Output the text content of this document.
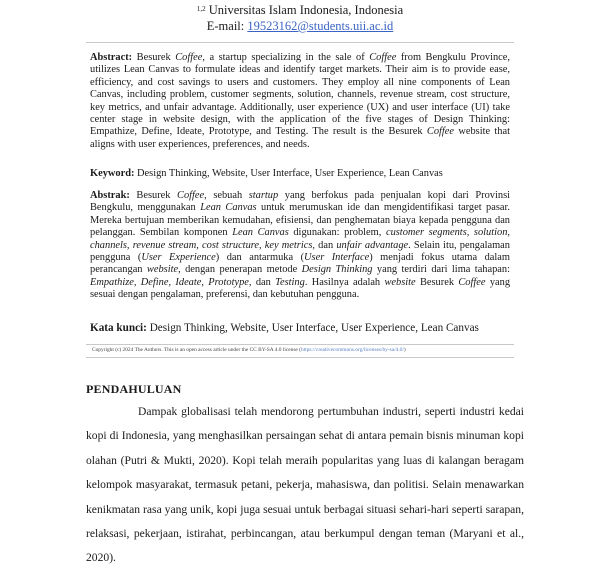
$^{1,2}$ Universitas Islam Indonesia, Indonesia
E-mail: 19523162@students.uii.ac.id
Abstract: Besurek Coffee, a startup specializing in the sale of Coffee from Bengkulu Province, utilizes Lean Canvas to formulate ideas and identify target markets. Their aim is to provide ease, efficiency, and cost savings to users and customers. They employ all nine components of Lean Canvas, including problem, customer segments, solution, channels, revenue stream, cost structure, key metrics, and unfair advantage. Additionally, user experience (UX) and user interface (UI) take center stage in website design, with the application of the five stages of Design Thinking: Empathize, Define, Ideate, Prototype, and Testing. The result is the Besurek Coffee website that aligns with user experiences, preferences, and needs.
Keyword: Design Thinking, Website, User Interface, User Experience, Lean Canvas
Abstrak: Besurek Coffee, sebuah startup yang berfokus pada penjualan kopi dari Provinsi Bengkulu, menggunakan Lean Canvas untuk merumuskan ide dan mengidentifikasi target pasar. Mereka bertujuan memberikan kemudahan, efisiensi, dan penghematan biaya kepada pengguna dan pelanggan. Sembilan komponen Lean Canvas digunakan: problem, customer segments, solution, channels, revenue stream, cost structure, key metrics, dan unfair advantage. Selain itu, pengalaman pengguna (User Experience) dan antarmuka (User Interface) menjadi fokus utama dalam perancangan website, dengan penerapan metode Design Thinking yang terdiri dari lima tahapan: Empathize, Define, Ideate, Prototype, dan Testing. Hasilnya adalah website Besurek Coffee yang sesuai dengan pengalaman, preferensi, dan kebutuhan pengguna.
Kata kunci: Design Thinking, Website, User Interface, User Experience, Lean Canvas
Copyright (c) 2024 The Authors. This is an open access article under the CC BY-SA 4.0 license (https://creativecommons.org/licenses/by-sa/4.0/)
PENDAHULUAN
Dampak globalisasi telah mendorong pertumbuhan industri, seperti industri kedai kopi di Indonesia, yang menghasilkan persaingan sehat di antara pemain bisnis minuman kopi olahan (Putri & Mukti, 2020). Kopi telah meraih popularitas yang luas di kalangan beragam kelompok masyarakat, termasuk petani, pekerja, mahasiswa, dan politisi. Selain menawarkan kenikmatan rasa yang unik, kopi juga sesuai untuk berbagai situasi sehari-hari seperti sarapan, relaksasi, pekerjaan, istirahat, perbincangan, atau berkumpul dengan teman (Maryani et al., 2020).
